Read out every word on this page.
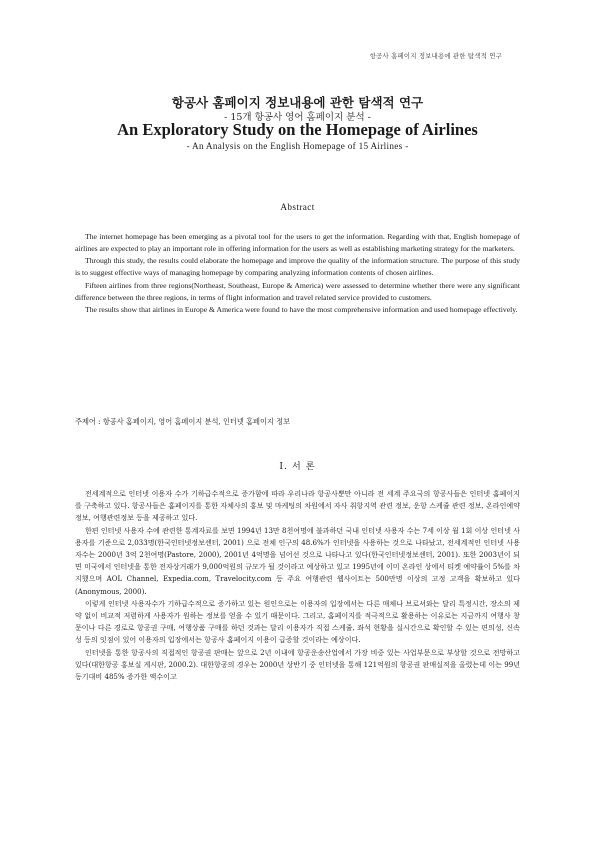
항공사 홈페이지 정보내용에 관한 탐색적 연구
항공사 홈페이지 정보내용에 관한 탐색적 연구
- 15개 항공사 영어 홈페이지 분석 -
An Exploratory Study on the Homepage of Airlines
- An Analysis on the English Homepage of 15 Airlines -
Abstract

The internet homepage has been emerging as a pivotal tool for the users to get the information. Regarding with that, English homepage of airlines are expected to play an important role in offering information for the users as well as establishing marketing strategy for the marketers.

Through this study, the results could elaborate the homepage and improve the quality of the information structure. The purpose of this study is to suggest effective ways of managing homepage by comparing analyzing information contents of chosen airlines.

Fifteen airlines from three regions(Northeast, Southeast, Europe & America) were assessed to determine whether there were any significant difference between the three regions, in terms of flight information and travel related service provided to customers.

The results show that airlines in Europe & America were found to have the most comprehensive information and used homepage effectively.

주제어 : 항공사 홈페이지, 영어 홈페이지 분석, 인터넷 홈페이지 정보
I. 서 론

전세계적으로 인터넷 이용자 수가 기하급수적으로 증가함에 따라 우리나라 항공사뿐만 아니라 전 세계 주요국의 항공사들은 인터넷 홈페이지를 구축하고 있다. 항공사들은 홈페이지를 통한 자체사의 홍보 및 마케팅의 차원에서 자사 취항지역 관련 정보, 운항 스케쥴 관련 정보, 온라인예약정보, 여행관련정보 등을 제공하고 있다.

한편 인터넷 사용자 수에 관련한 통계자료를 보면 1994년 13만 8천여명에 불과하던 국내 인터넷 사용자 수는 7세 이상 월 1회 이상 인터넷 사용자를 기준으로 2,033명(한국인터넷정보센터, 2001) 으로 전체 인구의 48.6%가 인터넷을 사용하는 것으로 나타났고, 전세계적인 인터넷 사용자수는 2000년 3억 2천여명(Pastore, 2000), 2001년 4억명을 넘어선 것으로 나타나고 있다(한국인터넷정보센터, 2001). 또한 2003년이 되면 미국에서 인터넷을 통한 전자상거래가 9,000억원의 규모가 될 것이라고 예상하고 있고 1995년에 이미 온라인 상에서 티켓 예약률이 5%를 차지했으며 AOL Channel, Expedia.com, Travelocity.com 등 주요 여행관련 웹사이트는 500만명 이상의 고정 고객을 확보하고 있다(Anonymous, 2000).

이렇게 인터넷 사용자수가 기하급수적으로 증가하고 있는 원인으로는 이용자의 입장에서는 다른 매체나 브로셔와는 달리 특정시간, 장소의 제약 없이 비교적 저렴하게 사용자가 원하는 정보를 얻을 수 있기 때문이다. 그리고, 홈페이지를 적극적으로 활용하는 이유로는 지금까지 여행사 창문이나 다른 경로로 항공권 구매, 여행상품 구매를 하던 것과는 달리 이용자가 직접 스케쥴, 좌석 현황을 실시간으로 확인할 수 있는 편의성, 신속성 등의 잇점이 있어 이용자의 입장에서는 항공사 홈페이지 이용이 급증할 것이라는 예상이다.

인터넷을 통한 항공사의 직접적인 항공권 판매는 앞으로 2년 이내에 항공운송산업에서 가장 비중 있는 사업부문으로 부상할 것으로 전망하고 있다(대한항공 홍보실 게시판, 2000.2). 대한항공의 경우는 2000년 상반기 중 인터넷을 통해 121억원의 항공권 판매실적을 올렸는데 이는 99년 동기대비 485% 증가한 액수이고
